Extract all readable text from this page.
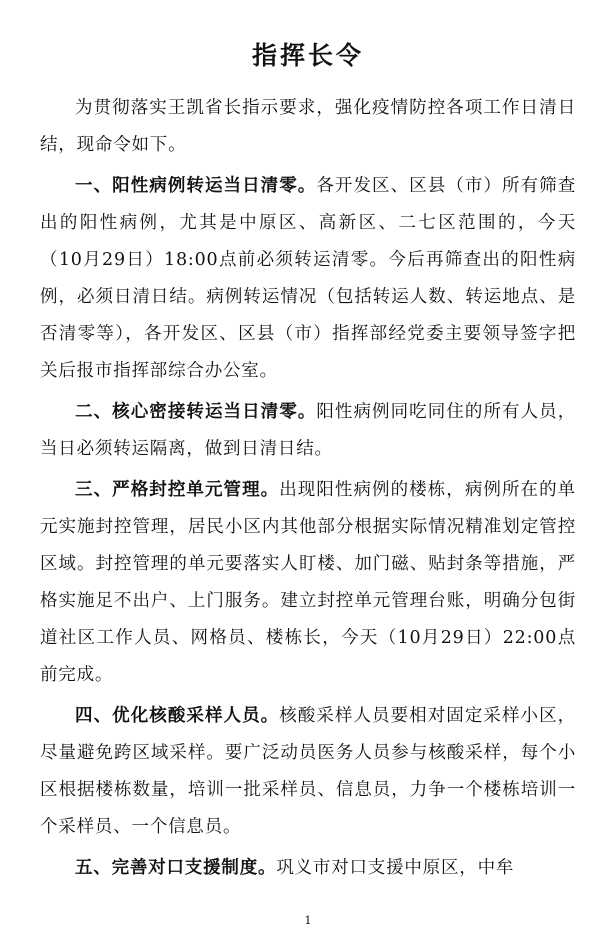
指挥长令

为贯彻落实王凯省长指示要求，强化疫情防控各项工作日清日结，现命令如下。

一、阳性病例转运当日清零。各开发区、区县（市）所有筛查出的阳性病例，尤其是中原区、高新区、二七区范围的，今天（10月29日）18:00点前必须转运清零。今后再筛查出的阳性病例，必须日清日结。病例转运情况（包括转运人数、转运地点、是否清零等），各开发区、区县（市）指挥部经党委主要领导签字把关后报市指挥部综合办公室。

二、核心密接转运当日清零。阳性病例同吃同住的所有人员，当日必须转运隔离，做到日清日结。

三、严格封控单元管理。出现阳性病例的楼栋，病例所在的单元实施封控管理，居民小区内其他部分根据实际情况精准划定管控区域。封控管理的单元要落实人盯楼、加门磁、贴封条等措施，严格实施足不出户、上门服务。建立封控单元管理台账，明确分包街道社区工作人员、网格员、楼栋长，今天（10月29日）22:00点前完成。

四、优化核酸采样人员。核酸采样人员要相对固定采样小区，尽量避免跨区域采样。要广泛动员医务人员参与核酸采样，每个小区根据楼栋数量，培训一批采样员、信息员，力争一个楼栋培训一个采样员、一个信息员。

五、完善对口支援制度。巩义市对口支援中原区，中牟

1
